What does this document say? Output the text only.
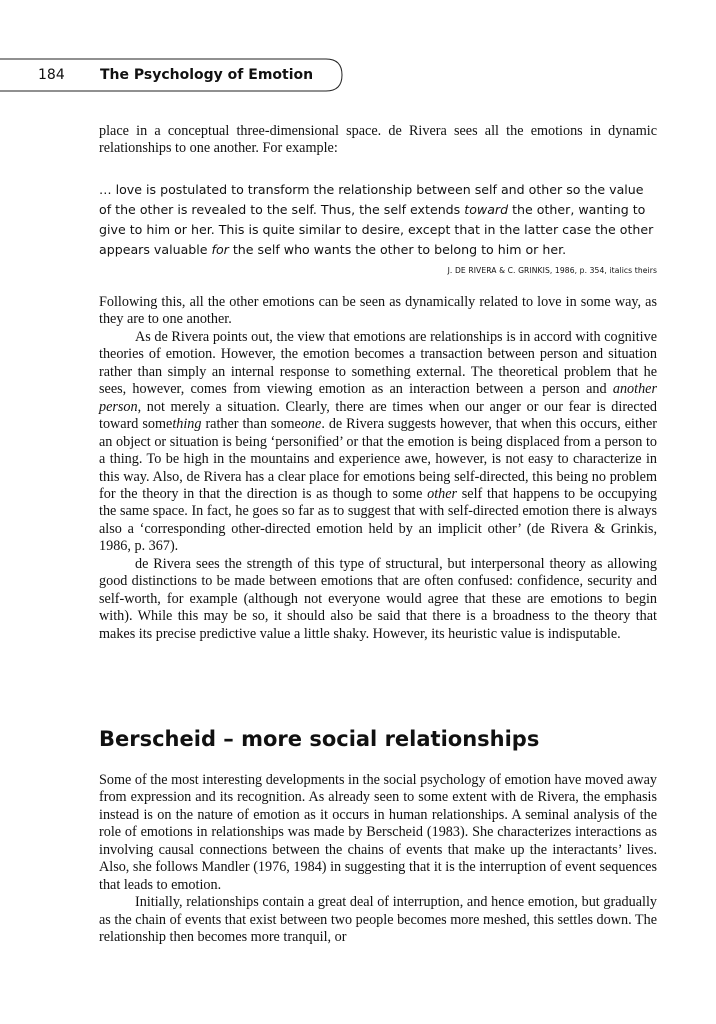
184	The Psychology of Emotion

place in a conceptual three-dimensional space. de Rivera sees all the emotions in dynamic relationships to one another. For example:

… love is postulated to transform the relationship between self and other so the value of the other is revealed to the self. Thus, the self extends toward the other, wanting to give to him or her. This is quite similar to desire, except that in the latter case the other appears valuable for the self who wants the other to belong to him or her.
J. DE RIVERA & C. GRINKIS, 1986, p. 354, italics theirs

Following this, all the other emotions can be seen as dynamically related to love in some way, as they are to one another.

As de Rivera points out, the view that emotions are relationships is in accord with cognitive theories of emotion. However, the emotion becomes a transaction between person and situation rather than simply an internal response to something external. The theoretical problem that he sees, however, comes from viewing emotion as an interaction between a person and another person, not merely a situation. Clearly, there are times when our anger or our fear is directed toward something rather than someone. de Rivera suggests however, that when this occurs, either an object or situation is being ‘personified’ or that the emotion is being displaced from a person to a thing. To be high in the mountains and experience awe, however, is not easy to characterize in this way. Also, de Rivera has a clear place for emotions being self-directed, this being no problem for the theory in that the direction is as though to some other self that happens to be occupying the same space. In fact, he goes so far as to suggest that with self-directed emotion there is always also a ‘corresponding other-directed emotion held by an implicit other’ (de Rivera & Grinkis, 1986, p. 367).

de Rivera sees the strength of this type of structural, but interpersonal theory as allowing good distinctions to be made between emotions that are often confused: confidence, security and self-worth, for example (although not everyone would agree that these are emotions to begin with). While this may be so, it should also be said that there is a broadness to the theory that makes its precise predictive value a little shaky. However, its heuristic value is indisputable.

Berscheid – more social relationships

Some of the most interesting developments in the social psychology of emotion have moved away from expression and its recognition. As already seen to some extent with de Rivera, the emphasis instead is on the nature of emotion as it occurs in human relationships. A seminal analysis of the role of emotions in relationships was made by Berscheid (1983). She characterizes interactions as involving causal connections between the chains of events that make up the interactants’ lives. Also, she follows Mandler (1976, 1984) in suggesting that it is the interruption of event sequences that leads to emotion.

Initially, relationships contain a great deal of interruption, and hence emotion, but gradually as the chain of events that exist between two people becomes more meshed, this settles down. The relationship then becomes more tranquil, or
